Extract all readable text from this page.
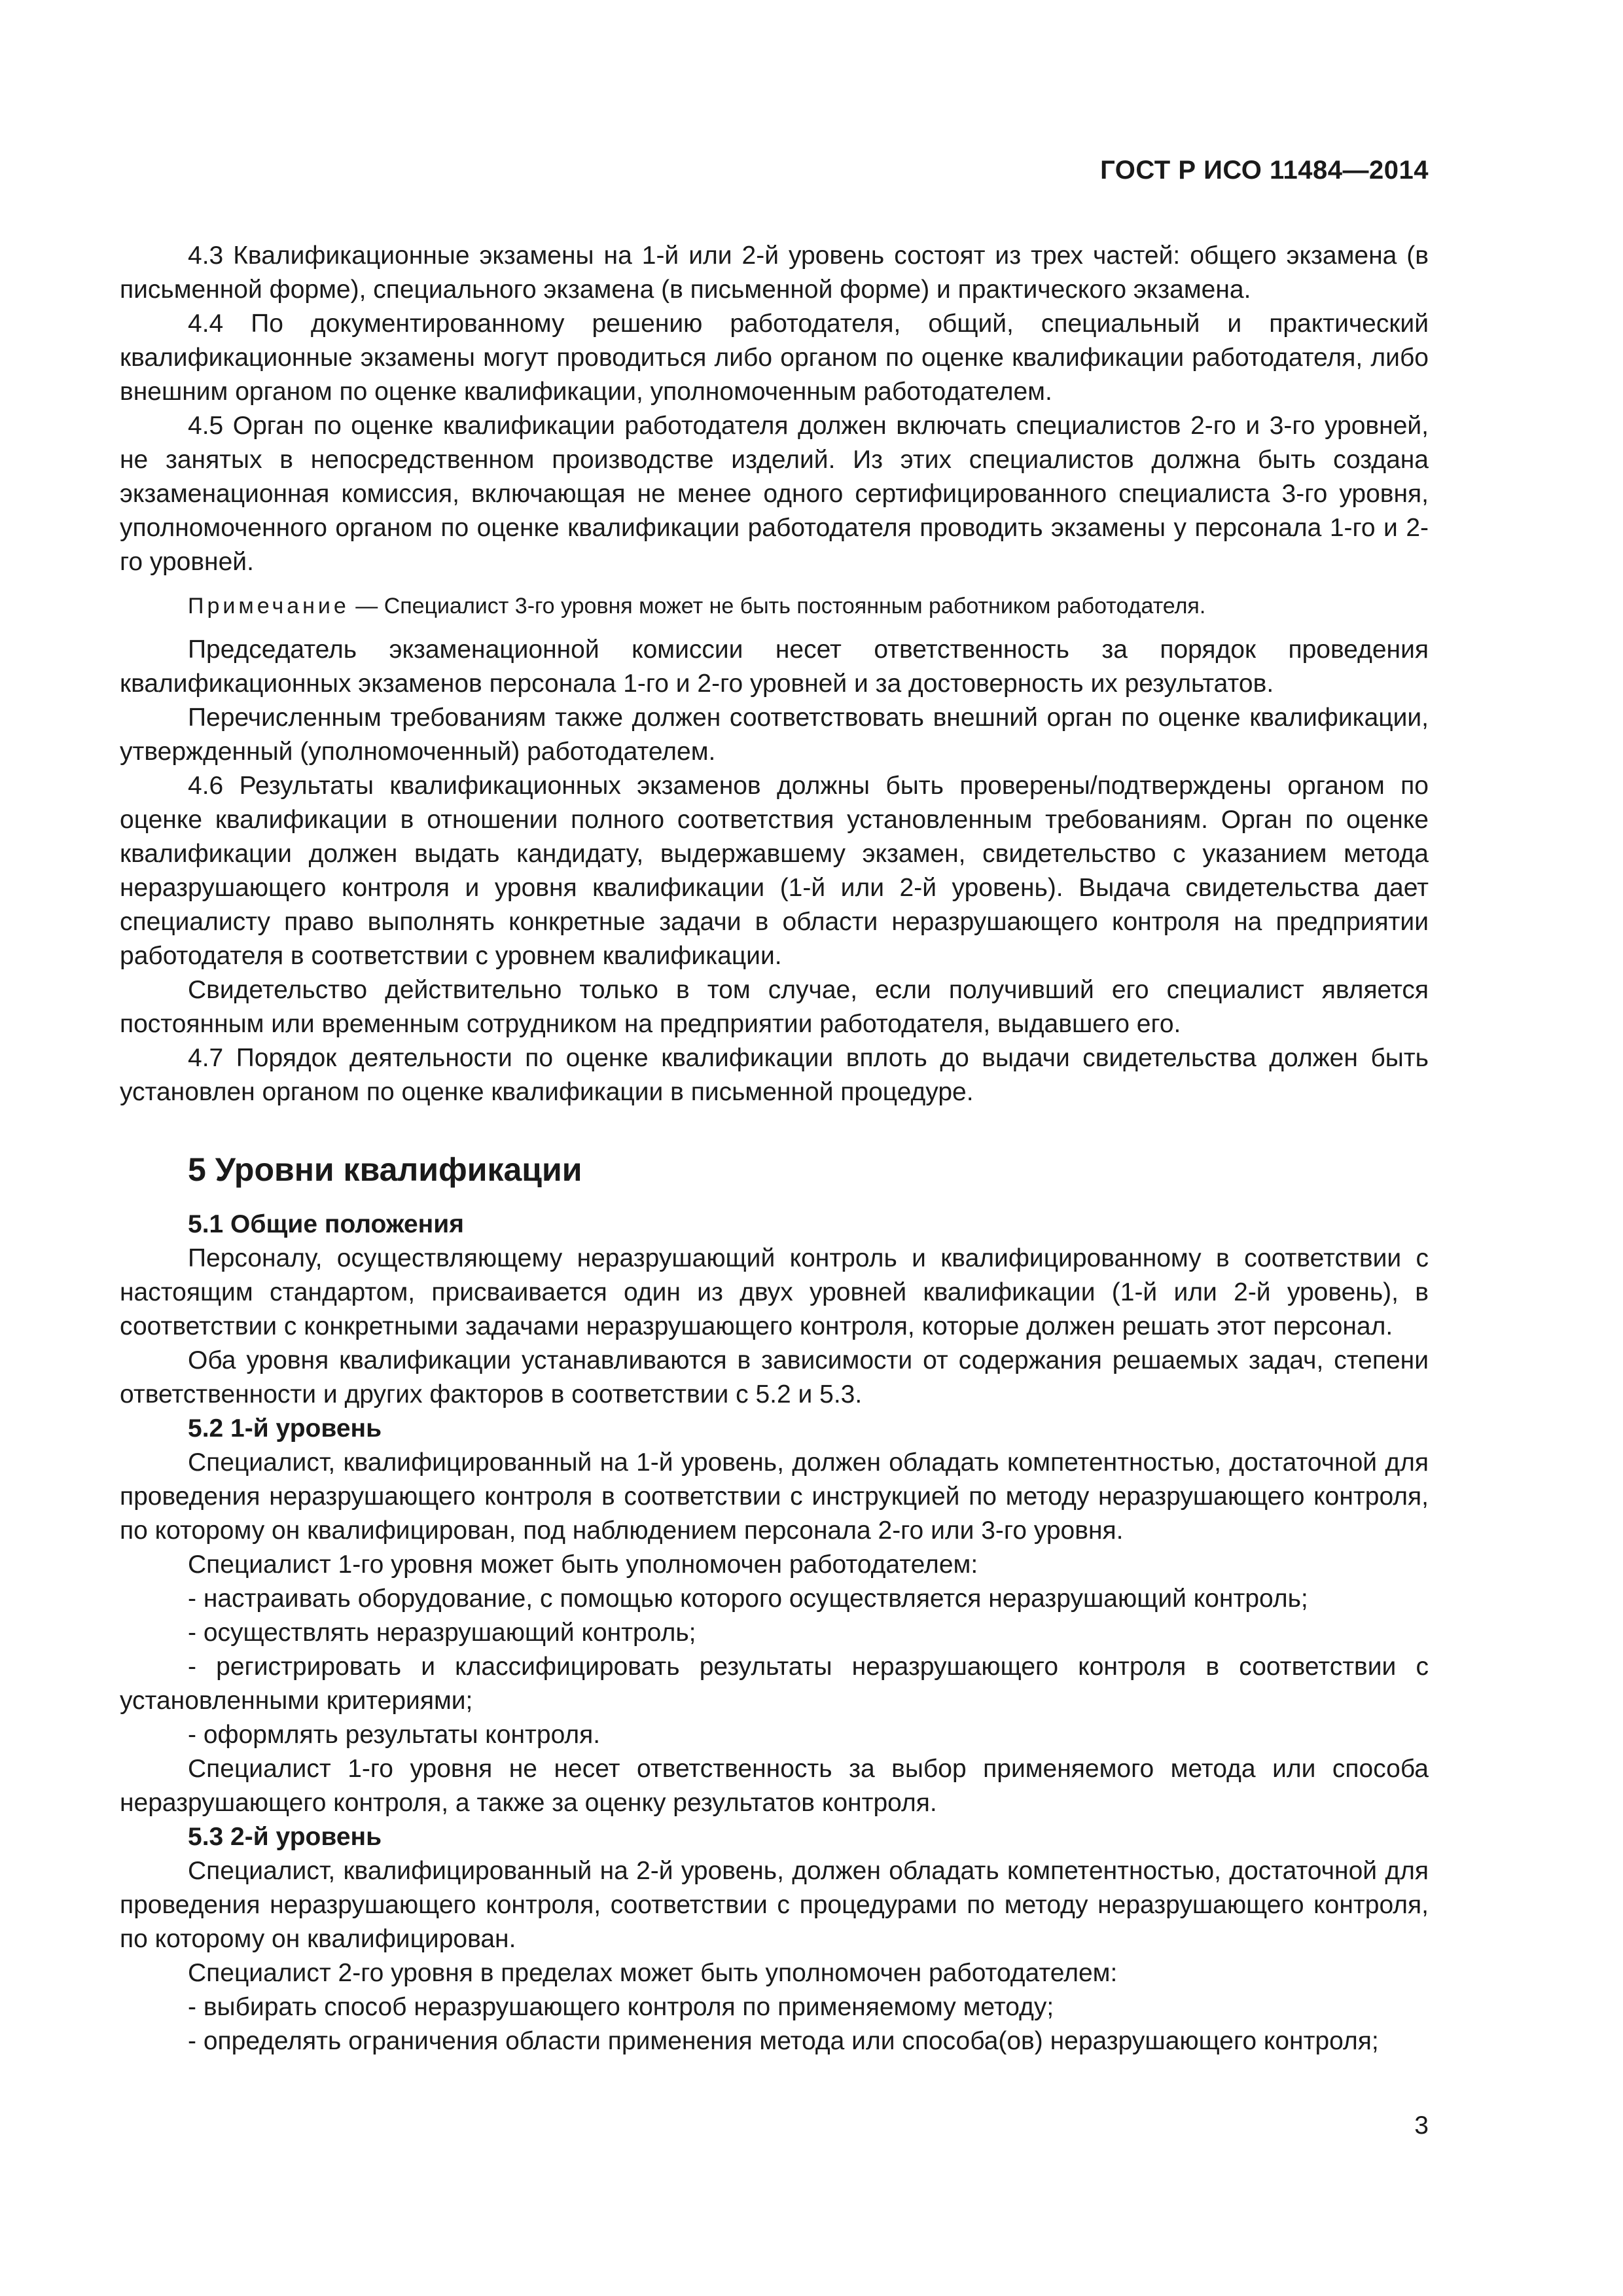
ГОСТ Р ИСО 11484—2014

4.3 Квалификационные экзамены на 1-й или 2-й уровень состоят из трех частей: общего экзамена (в письменной форме), специального экзамена (в письменной форме) и практического экзамена.

4.4 По документированному решению работодателя, общий, специальный и практический квалификационные экзамены могут проводиться либо органом по оценке квалификации работодателя, либо внешним органом по оценке квалификации, уполномоченным работодателем.

4.5 Орган по оценке квалификации работодателя должен включать специалистов 2-го и 3-го уровней, не занятых в непосредственном производстве изделий. Из этих специалистов должна быть создана экзаменационная комиссия, включающая не менее одного сертифицированного специалиста 3-го уровня, уполномоченного органом по оценке квалификации работодателя проводить экзамены у персонала 1-го и 2-го уровней.

Примечание — Специалист 3-го уровня может не быть постоянным работником работодателя.

Председатель экзаменационной комиссии несет ответственность за порядок проведения квалификационных экзаменов персонала 1-го и 2-го уровней и за достоверность их результатов.

Перечисленным требованиям также должен соответствовать внешний орган по оценке квалификации, утвержденный (уполномоченный) работодателем.

4.6 Результаты квалификационных экзаменов должны быть проверены/подтверждены органом по оценке квалификации в отношении полного соответствия установленным требованиям. Орган по оценке квалификации должен выдать кандидату, выдержавшему экзамен, свидетельство с указанием метода неразрушающего контроля и уровня квалификации (1-й или 2-й уровень). Выдача свидетельства дает специалисту право выполнять конкретные задачи в области неразрушающего контроля на предприятии работодателя в соответствии с уровнем квалификации.

Свидетельство действительно только в том случае, если получивший его специалист является постоянным или временным сотрудником на предприятии работодателя, выдавшего его.

4.7 Порядок деятельности по оценке квалификации вплоть до выдачи свидетельства должен быть установлен органом по оценке квалификации в письменной процедуре.

5 Уровни квалификации
5.1 Общие положения

Персоналу, осуществляющему неразрушающий контроль и квалифицированному в соответствии с настоящим стандартом, присваивается один из двух уровней квалификации (1-й или 2-й уровень), в соответствии с конкретными задачами неразрушающего контроля, которые должен решать этот персонал.

Оба уровня квалификации устанавливаются в зависимости от содержания решаемых задач, степени ответственности и других факторов в соответствии с 5.2 и 5.3.

5.2 1-й уровень

Специалист, квалифицированный на 1-й уровень, должен обладать компетентностью, достаточной для проведения неразрушающего контроля в соответствии с инструкцией по методу неразрушающего контроля, по которому он квалифицирован, под наблюдением персонала 2-го или 3-го уровня.

Специалист 1-го уровня может быть уполномочен работодателем:

- настраивать оборудование, с помощью которого осуществляется неразрушающий контроль;

- осуществлять неразрушающий контроль;

- регистрировать и классифицировать результаты неразрушающего контроля в соответствии с установленными критериями;

- оформлять результаты контроля.

Специалист 1-го уровня не несет ответственность за выбор применяемого метода или способа неразрушающего контроля, а также за оценку результатов контроля.

5.3 2-й уровень

Специалист, квалифицированный на 2-й уровень, должен обладать компетентностью, достаточной для проведения неразрушающего контроля, соответствии с процедурами по методу неразрушающего контроля, по которому он квалифицирован.

Специалист 2-го уровня в пределах может быть уполномочен работодателем:

- выбирать способ неразрушающего контроля по применяемому методу;

- определять ограничения области применения метода или способа(ов) неразрушающего контроля;

3
